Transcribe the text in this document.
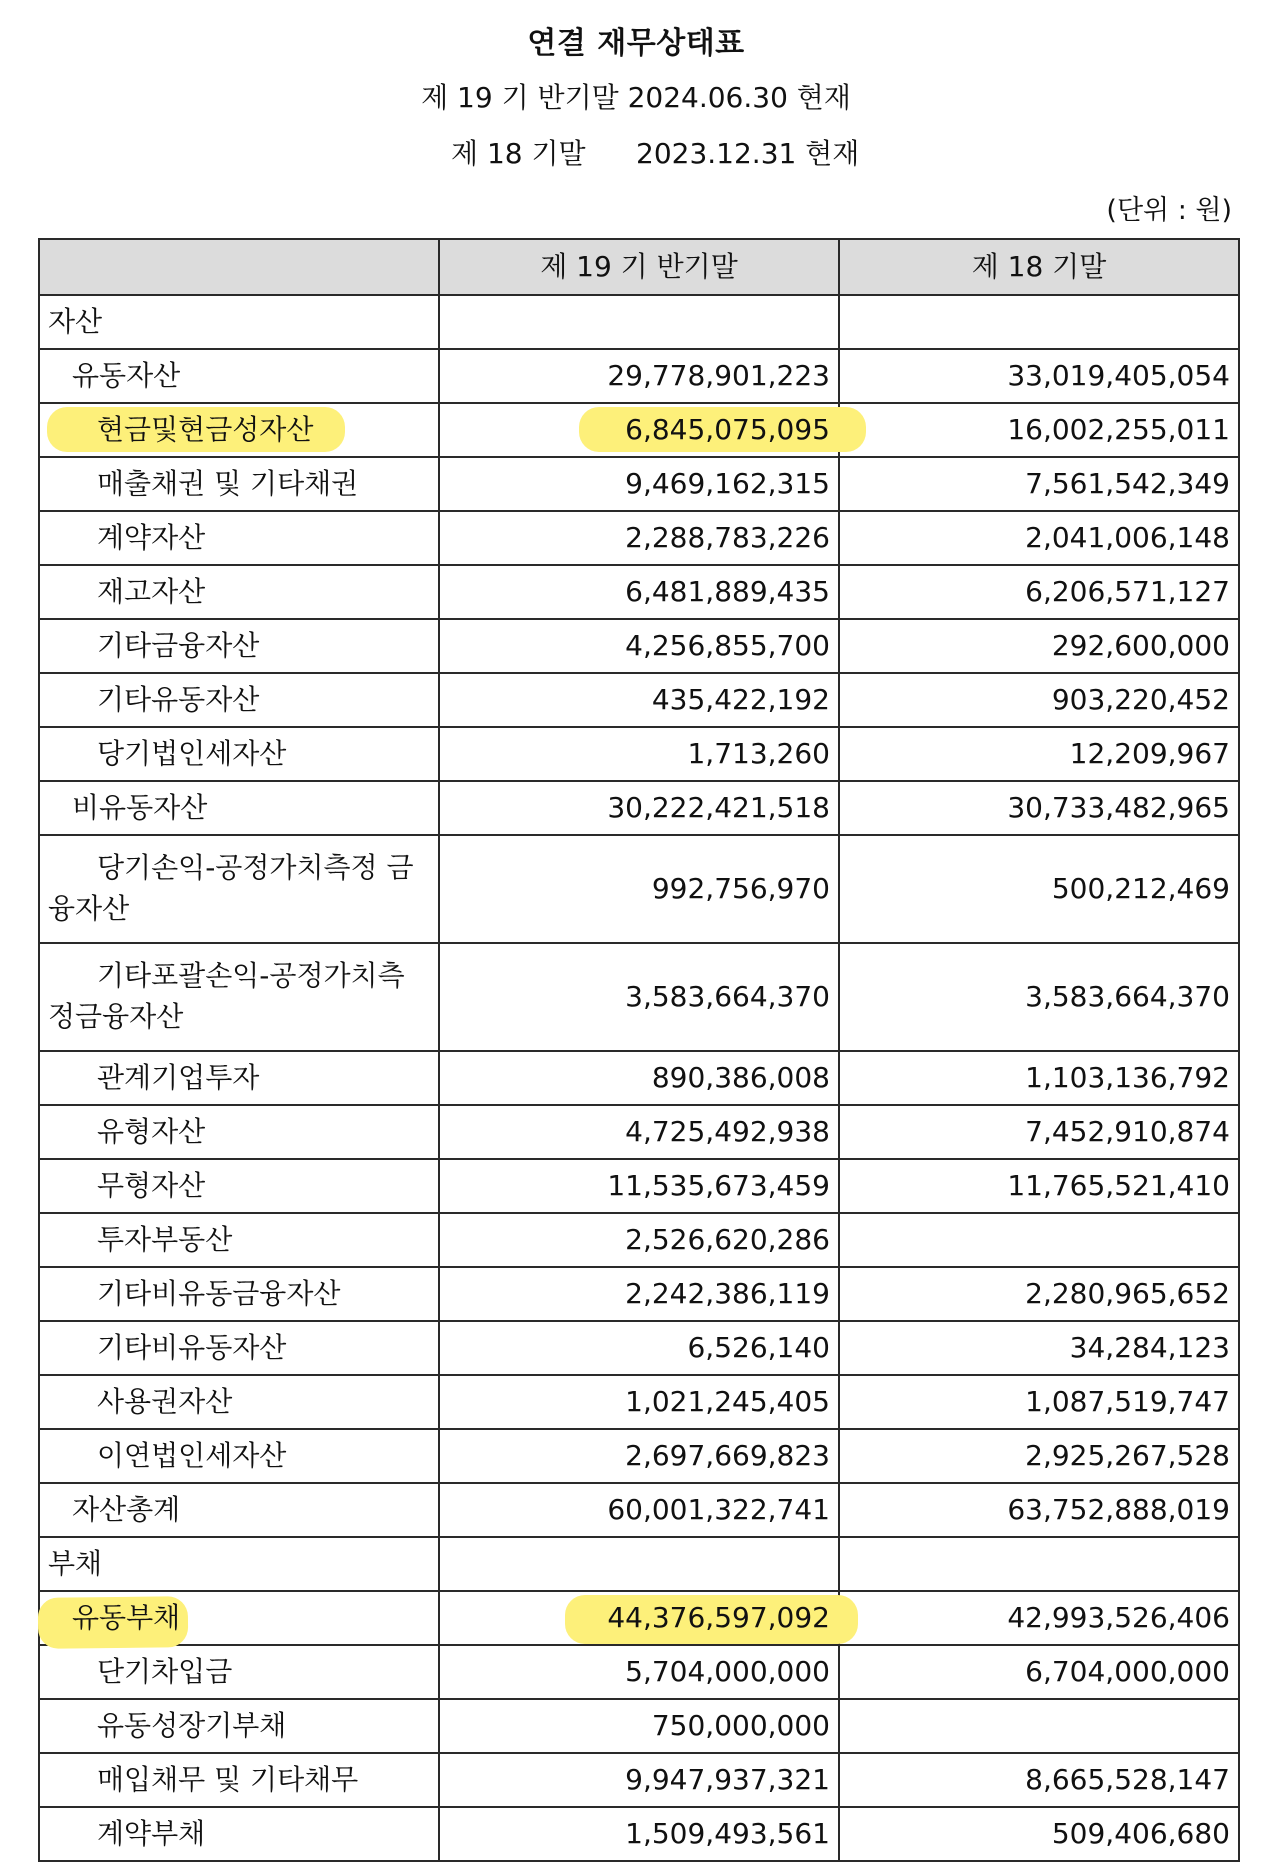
연결 재무상태표
제 19 기 반기말 2024.06.30 현재
제 18 기말	2023.12.31 현재
(단위 : 원)
	제 19 기 반기말	제 18 기말
자산		
유동자산	29,778,901,223	33,019,405,054
현금및현금성자산	6,845,075,095	16,002,255,011
매출채권 및 기타채권	9,469,162,315	7,561,542,349
계약자산	2,288,783,226	2,041,006,148
재고자산	6,481,889,435	6,206,571,127
기타금융자산	4,256,855,700	292,600,000
기타유동자산	435,422,192	903,220,452
당기법인세자산	1,713,260	12,209,967
비유동자산	30,222,421,518	30,733,482,965

당기손익-공정가치측정 금융자산	992,756,970	500,212,469

기타포괄손익-공정가치측정금융자산	3,583,664,370	3,583,664,370
관계기업투자	890,386,008	1,103,136,792
유형자산	4,725,492,938	7,452,910,874
무형자산	11,535,673,459	11,765,521,410
투자부동산	2,526,620,286	
기타비유동금융자산	2,242,386,119	2,280,965,652
기타비유동자산	6,526,140	34,284,123
사용권자산	1,021,245,405	1,087,519,747
이연법인세자산	2,697,669,823	2,925,267,528
자산총계	60,001,322,741	63,752,888,019
부채		
유동부채	44,376,597,092	42,993,526,406
단기차입금	5,704,000,000	6,704,000,000
유동성장기부채	750,000,000	
매입채무 및 기타채무	9,947,937,321	8,665,528,147
계약부채	1,509,493,561	509,406,680
